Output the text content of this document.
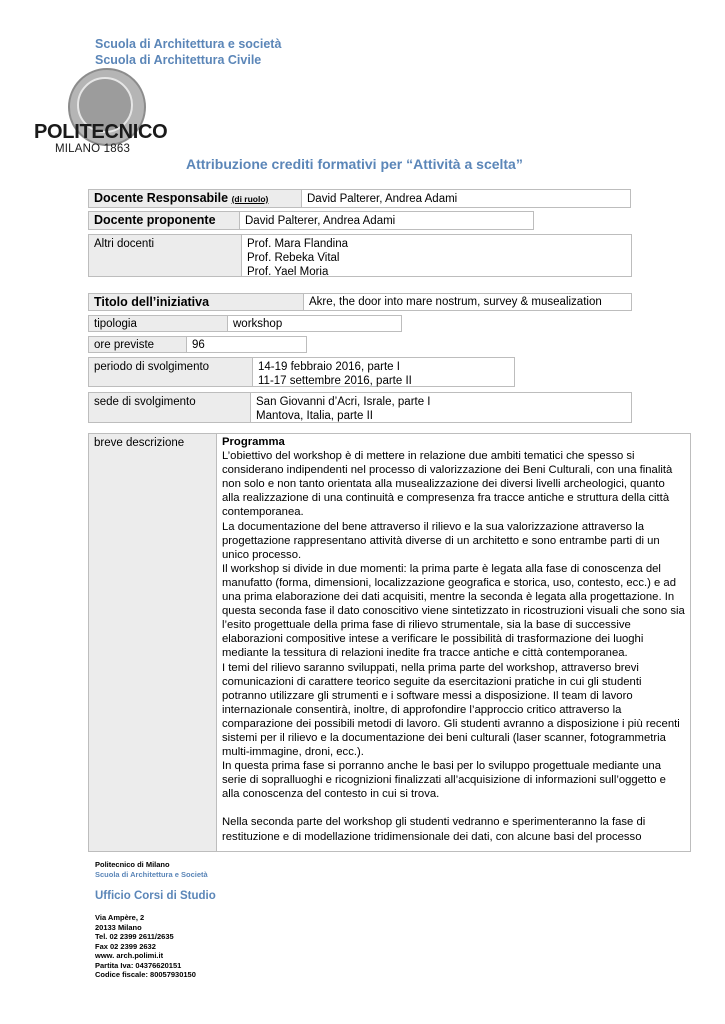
Scuola di Architettura e società
Scuola di Architettura Civile
POLITECNICO
MILANO 1863
Attribuzione crediti formativi per “Attività a scelta”
Docente Responsabile (di ruolo)	David Palterer, Andrea Adami
Docente proponente	David Palterer, Andrea Adami
Altri docenti	Prof. Mara Flandina
Prof. Rebeka Vital
Prof. Yael Moria
Titolo dell’iniziativa	Akre, the door into mare nostrum, survey & musealization
tipologia	workshop
ore previste	96
periodo di svolgimento	14-19 febbraio 2016, parte I
11-17 settembre 2016, parte II
sede di svolgimento	San Giovanni d’Acri, Israle, parte I
Mantova, Italia, parte II
breve descrizione	Programma

L’obiettivo del workshop è di mettere in relazione due ambiti tematici che spesso si considerano indipendenti nel processo di valorizzazione dei Beni Culturali, con una finalità non solo e non tanto orientata alla musealizzazione dei diversi livelli archeologici, quanto alla realizzazione di una continuità e compresenza fra tracce antiche e struttura della città contemporanea.

La documentazione del bene attraverso il rilievo e la sua valorizzazione attraverso la progettazione rappresentano attività diverse di un architetto e sono entrambe parti di un unico processo.

Il workshop si divide in due momenti: la prima parte è legata alla fase di conoscenza del manufatto (forma, dimensioni, localizzazione geografica e storica, uso, contesto, ecc.) e ad una prima elaborazione dei dati acquisiti, mentre la seconda è legata alla progettazione. In questa seconda fase il dato conoscitivo viene sintetizzato in ricostruzioni visuali che sono sia l’esito progettuale della prima fase di rilievo strumentale, sia la base di successive elaborazioni compositive intese a verificare le possibilità di trasformazione dei luoghi mediante la tessitura di relazioni inedite fra tracce antiche e città contemporanea.

I temi del rilievo saranno sviluppati, nella prima parte del workshop, attraverso brevi comunicazioni di carattere teorico seguite da esercitazioni pratiche in cui gli studenti potranno utilizzare gli strumenti e i software messi a disposizione. Il team di lavoro internazionale consentirà, inoltre, di approfondire l’approccio critico attraverso la comparazione dei possibili metodi di lavoro. Gli studenti avranno a disposizione i più recenti sistemi per il rilievo e la documentazione dei beni culturali (laser scanner, fotogrammetria multi-immagine, droni, ecc.).

In questa prima fase si porranno anche le basi per lo sviluppo progettuale mediante una serie di sopralluoghi e ricognizioni finalizzati all’acquisizione di informazioni sull’oggetto e alla conoscenza del contesto in cui si trova.

Nella seconda parte del workshop gli studenti vedranno e sperimenteranno la fase di restituzione e di modellazione tridimensionale dei dati, con alcune basi del processo

Politecnico di Milano
Scuola di Architettura e Società
Ufficio Corsi di Studio
Via Ampère, 2
20133 Milano
Tel. 02 2399 2611/2635
Fax 02 2399 2632
www. arch.polimi.it
Partita Iva: 04376620151
Codice fiscale: 80057930150
